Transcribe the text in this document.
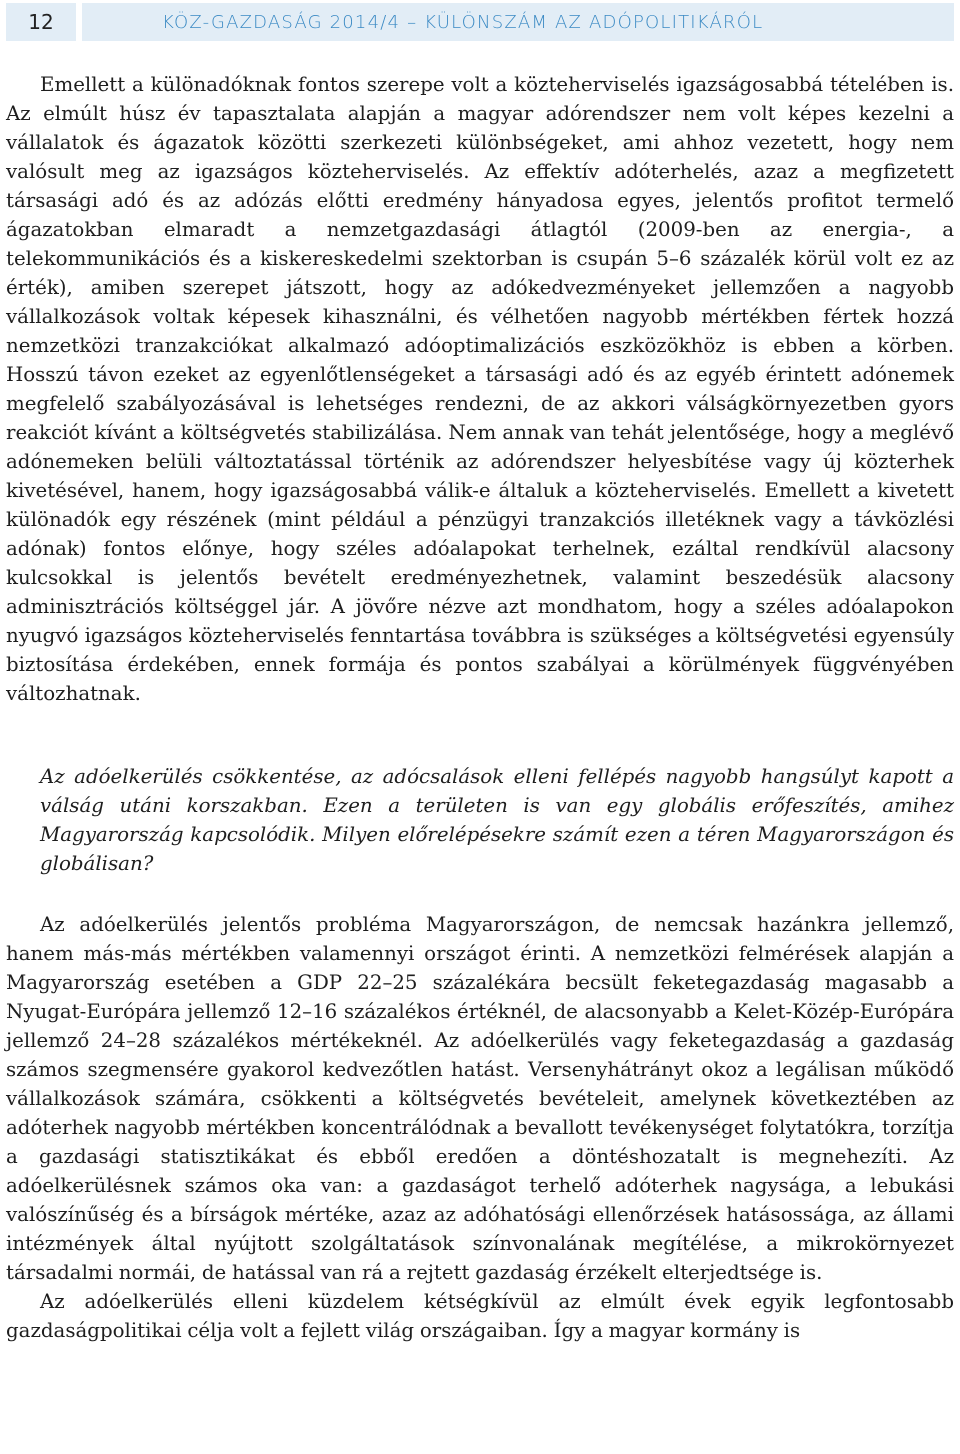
12	KÖZ-GAZDASÁG 2014/4 – KÜLÖNSZÁM AZ ADÓPOLITIKÁRÓL

Emellett a különadóknak fontos szerepe volt a közteherviselés igazságosabbá tételében is. Az elmúlt húsz év tapasztalata alapján a magyar adórendszer nem volt képes kezelni a vállalatok és ágazatok közötti szerkezeti különbségeket, ami ahhoz vezetett, hogy nem valósult meg az igazságos közteherviselés. Az effektív adóterhelés, azaz a megfizetett társasági adó és az adózás előtti eredmény hányadosa egyes, jelentős profitot termelő ágazatokban elmaradt a nemzetgazdasági átlagtól (2009-ben az energia-, a telekommunikációs és a kiskereskedelmi szektorban is csupán 5–6 százalék körül volt ez az érték), amiben szerepet játszott, hogy az adókedvezményeket jellemzően a nagyobb vállalkozások voltak képesek kihasználni, és vélhetően nagyobb mértékben fértek hozzá nemzetközi tranzakciókat alkalmazó adóoptimalizációs eszközökhöz is ebben a körben. Hosszú távon ezeket az egyenlőtlenségeket a társasági adó és az egyéb érintett adónemek megfelelő szabályozásával is lehetséges rendezni, de az akkori válságkörnyezetben gyors reakciót kívánt a költségvetés stabilizálása. Nem annak van tehát jelentősége, hogy a meglévő adónemeken belüli változtatással történik az adórendszer helyesbítése vagy új közterhek kivetésével, hanem, hogy igazságosabbá válik-e általuk a közteherviselés. Emellett a kivetett különadók egy részének (mint például a pénzügyi tranzakciós illetéknek vagy a távközlési adónak) fontos előnye, hogy széles adóalapokat terhelnek, ezáltal rendkívül alacsony kulcsokkal is jelentős bevételt eredményezhetnek, valamint beszedésük alacsony adminisztrációs költséggel jár. A jövőre nézve azt mondhatom, hogy a széles adóalapokon nyugvó igazságos közteherviselés fenntartása továbbra is szükséges a költségvetési egyensúly biztosítása érdekében, ennek formája és pontos szabályai a körülmények függvényében változhatnak.

Az adóelkerülés csökkentése, az adócsalások elleni fellépés nagyobb hangsúlyt kapott a válság utáni korszakban. Ezen a területen is van egy globális erőfeszítés, amihez Magyarország kapcsolódik. Milyen előrelépésekre számít ezen a téren Magyarországon és globálisan?

Az adóelkerülés jelentős probléma Magyarországon, de nemcsak hazánkra jellemző, hanem más-más mértékben valamennyi országot érinti. A nemzetközi felmérések alapján a Magyarország esetében a GDP 22–25 százalékára becsült feketegazdaság magasabb a Nyugat-Európára jellemző 12–16 százalékos értéknél, de alacsonyabb a Kelet-Közép-Európára jellemző 24–28 százalékos mértékeknél. Az adóelkerülés vagy feketegazdaság a gazdaság számos szegmensére gyakorol kedvezőtlen hatást. Versenyhátrányt okoz a legálisan működő vállalkozások számára, csökkenti a költségvetés bevételeit, amelynek következtében az adóterhek nagyobb mértékben koncentrálódnak a bevallott tevékenységet folytatókra, torzítja a gazdasági statisztikákat és ebből eredően a döntéshozatalt is megnehezíti. Az adóelkerülésnek számos oka van: a gazdaságot terhelő adóterhek nagysága, a lebukási valószínűség és a bírságok mértéke, azaz az adóhatósági ellenőrzések hatásossága, az állami intézmények által nyújtott szolgáltatások színvonalának megítélése, a mikrokörnyezet társadalmi normái, de hatással van rá a rejtett gazdaság érzékelt elterjedtsége is.

Az adóelkerülés elleni küzdelem kétségkívül az elmúlt évek egyik legfontosabb gazdaságpolitikai célja volt a fejlett világ országaiban. Így a magyar kormány is
